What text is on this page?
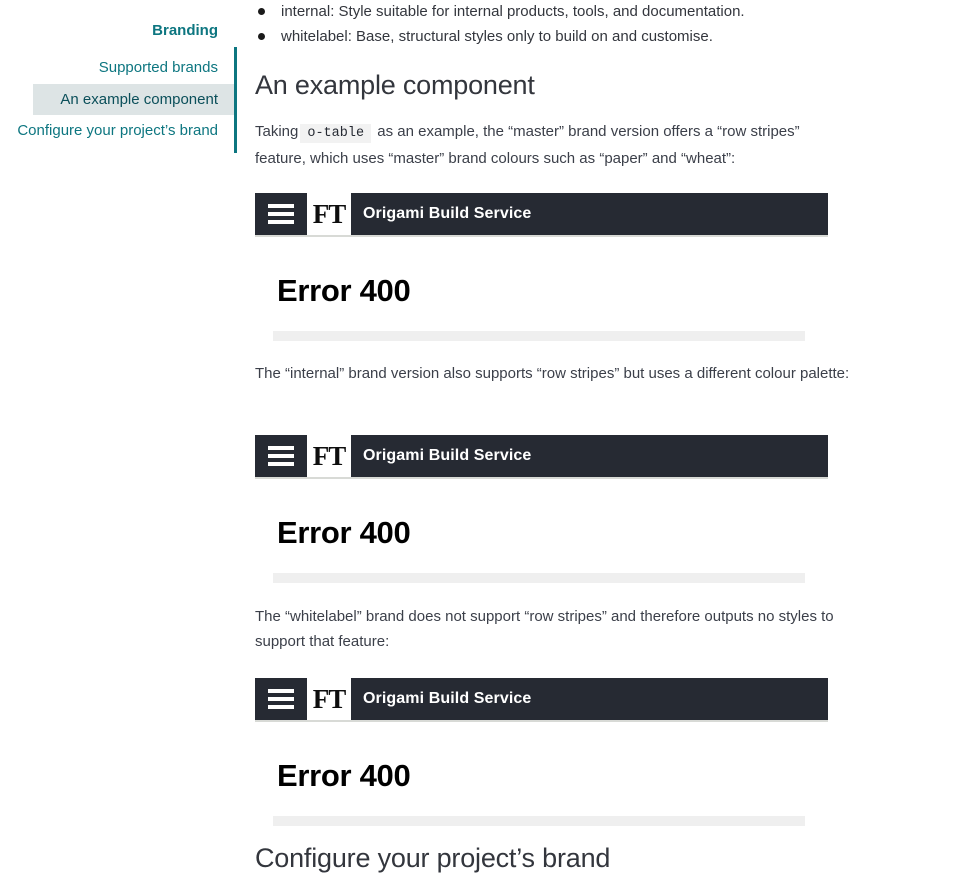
Branding
Supported brands
An example component
Configure your project’s brand
internal: Style suitable for internal products, tools, and documentation.
whitelabel: Base, structural styles only to build on and customise.
An example component

Taking o-table as an example, the “master” brand version offers a “row stripes” feature, which uses “master” brand colours such as “paper” and “wheat”:

FT	Origami Build Service
Error 400

The “internal” brand version also supports “row stripes” but uses a different colour palette:

FT	Origami Build Service
Error 400

The “whitelabel” brand does not support “row stripes” and therefore outputs no styles to support that feature:

FT	Origami Build Service
Error 400
Configure your project’s brand
